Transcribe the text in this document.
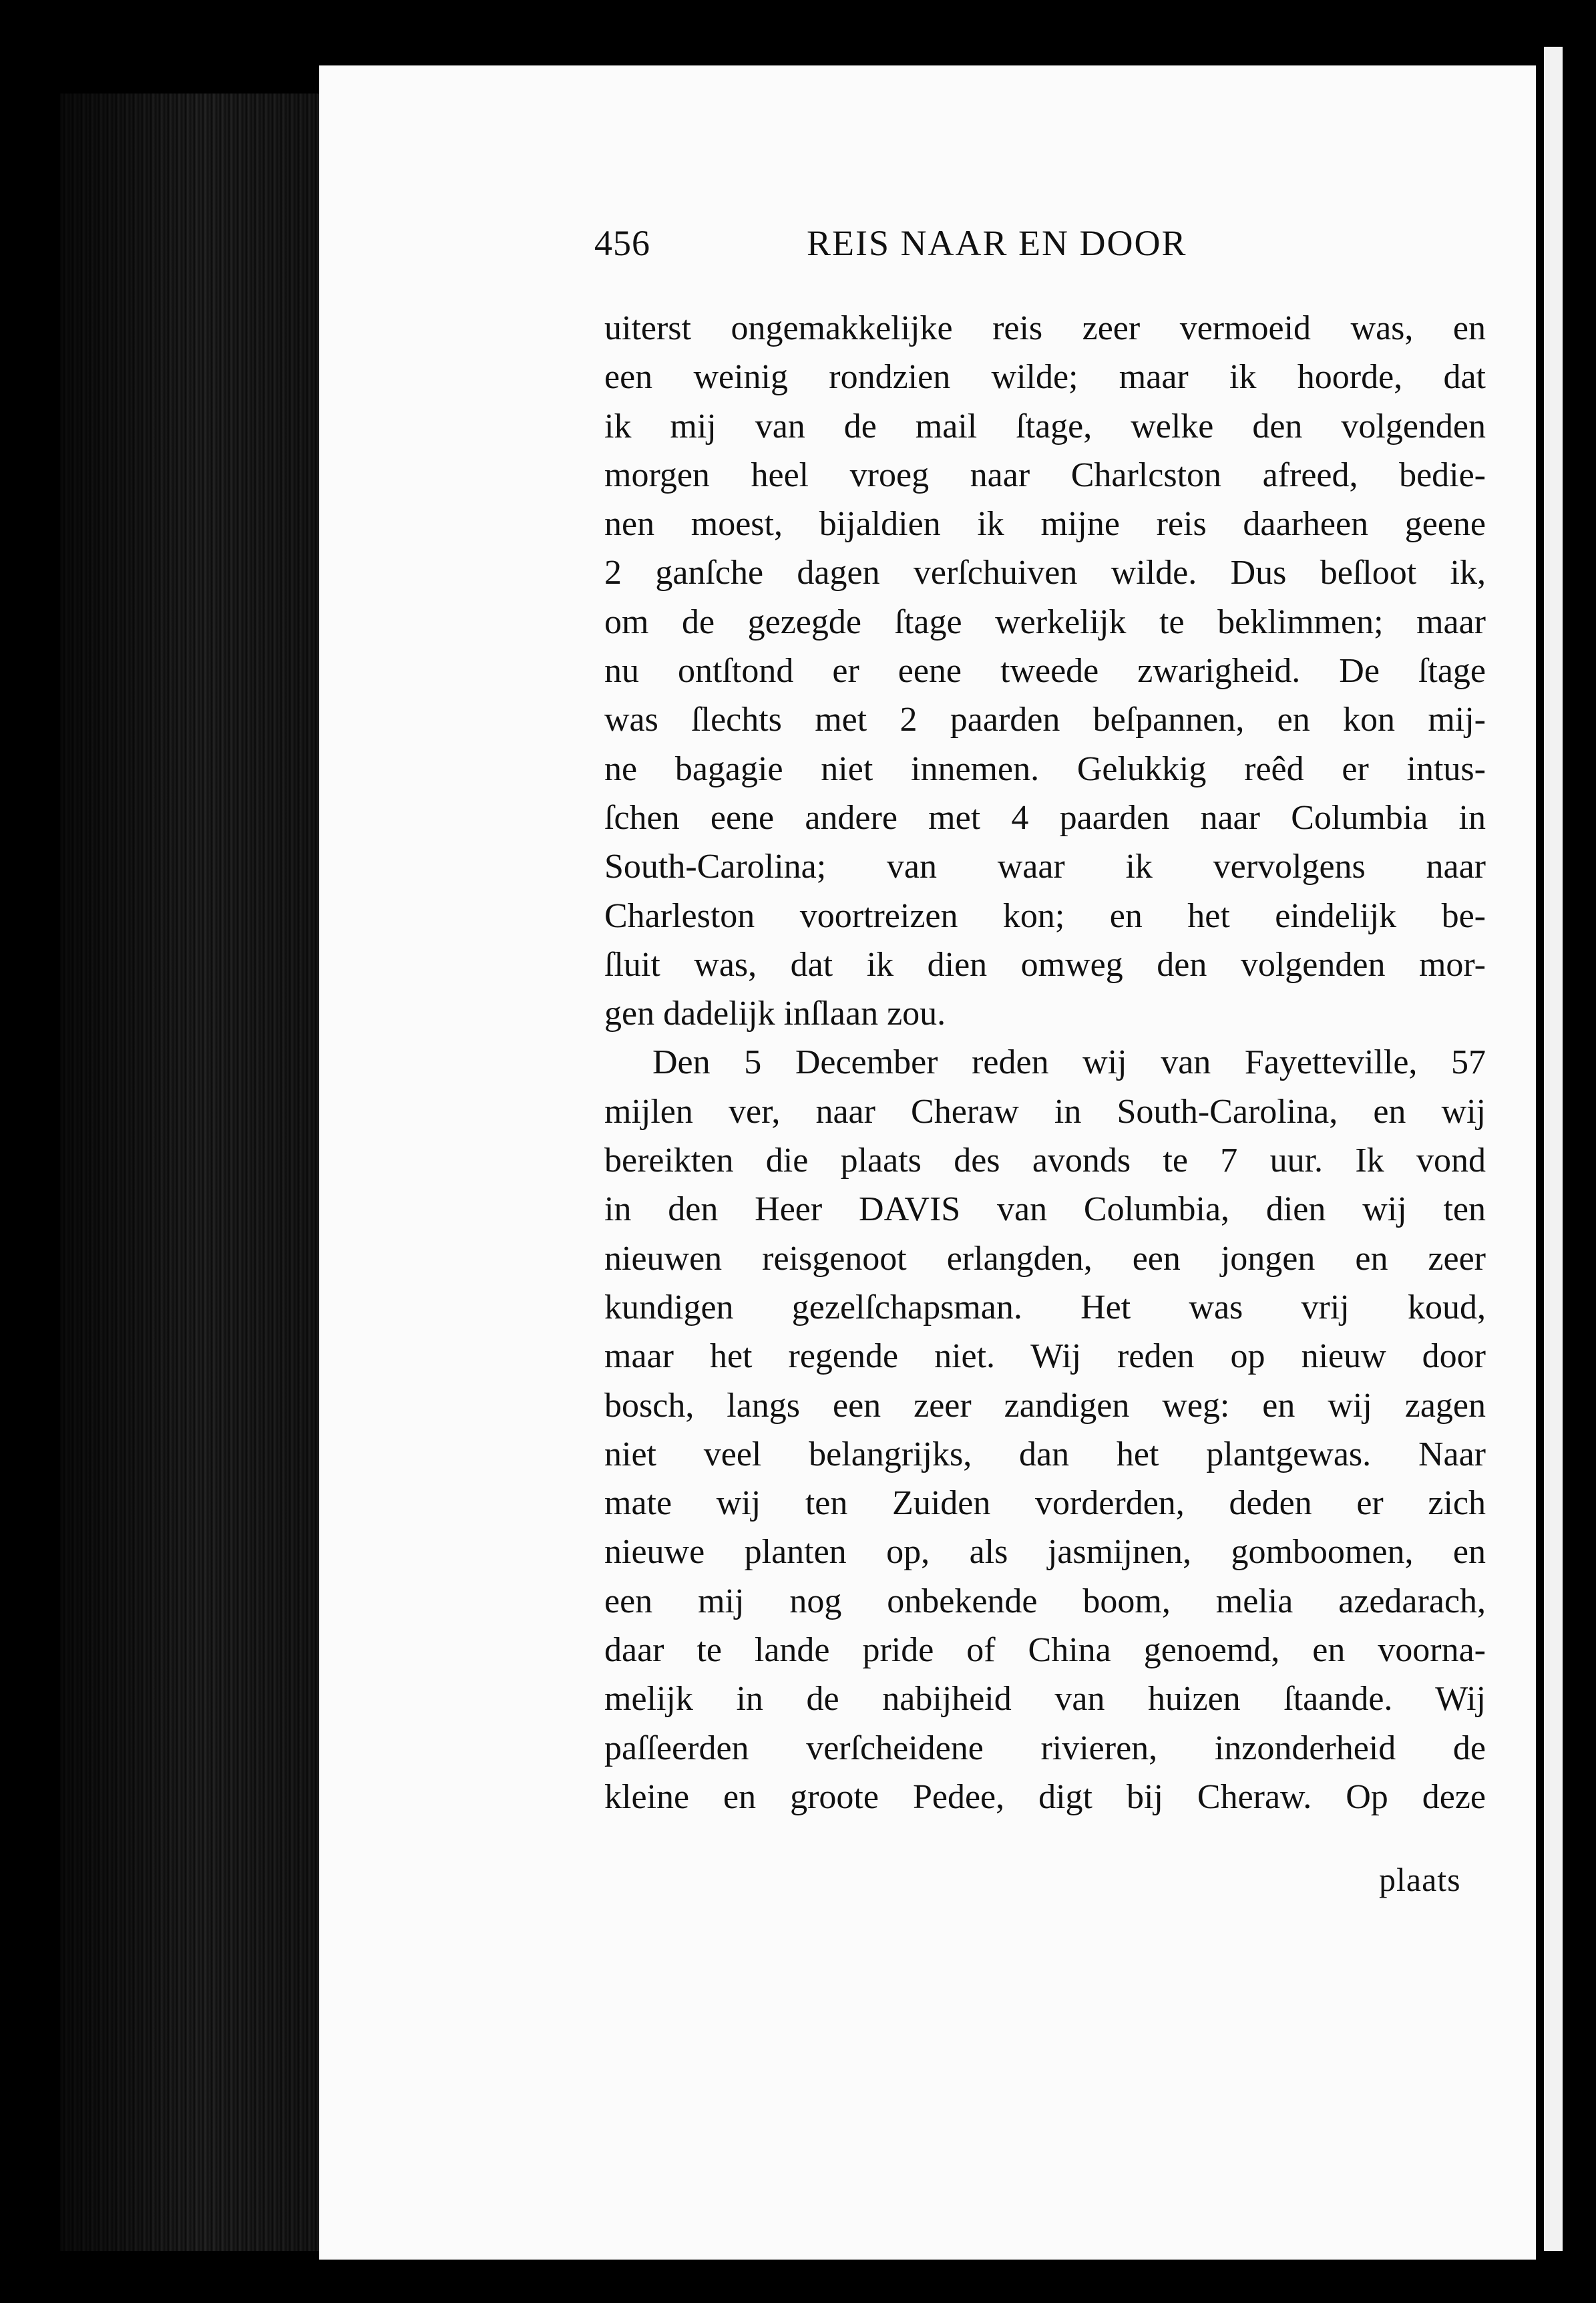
456	REIS NAAR EN DOOR
uiterst ongemakkelijke reis zeer vermoeid was, en
een weinig rondzien wilde; maar ik hoorde, dat
ik mij van de mail ſtage, welke den volgenden
morgen heel vroeg naar Charlcston afreed, bedie-
nen moest, bijaldien ik mijne reis daarheen geene
2 ganſche dagen verſchuiven wilde. Dus beſloot ik,
om de gezegde ſtage werkelijk te beklimmen; maar
nu ontſtond er eene tweede zwarigheid. De ſtage
was ſlechts met 2 paarden beſpannen, en kon mij-
ne bagagie niet innemen. Gelukkig reêd er intus-
ſchen eene andere met 4 paarden naar Columbia in
South-Carolina; van waar ik vervolgens naar
Charleston voortreizen kon; en het eindelijk be-
ſluit was, dat ik dien omweg den volgenden mor-
gen dadelijk inſlaan zou.
Den 5 December reden wij van Fayetteville, 57
mijlen ver, naar Cheraw in South-Carolina, en wij
bereikten die plaats des avonds te 7 uur. Ik vond
in den Heer DAVIS van Columbia, dien wij ten
nieuwen reisgenoot erlangden, een jongen en zeer
kundigen gezelſchapsman. Het was vrij koud,
maar het regende niet. Wij reden op nieuw door
bosch, langs een zeer zandigen weg: en wij zagen
niet veel belangrijks, dan het plantgewas. Naar
mate wij ten Zuiden vorderden, deden er zich
nieuwe planten op, als jasmijnen, gomboomen, en
een mij nog onbekende boom, melia azedarach,
daar te lande pride of China genoemd, en voorna-
melijk in de nabijheid van huizen ſtaande. Wij
paſſeerden verſcheidene rivieren, inzonderheid de
kleine en groote Pedee, digt bij Cheraw. Op deze
plaats
